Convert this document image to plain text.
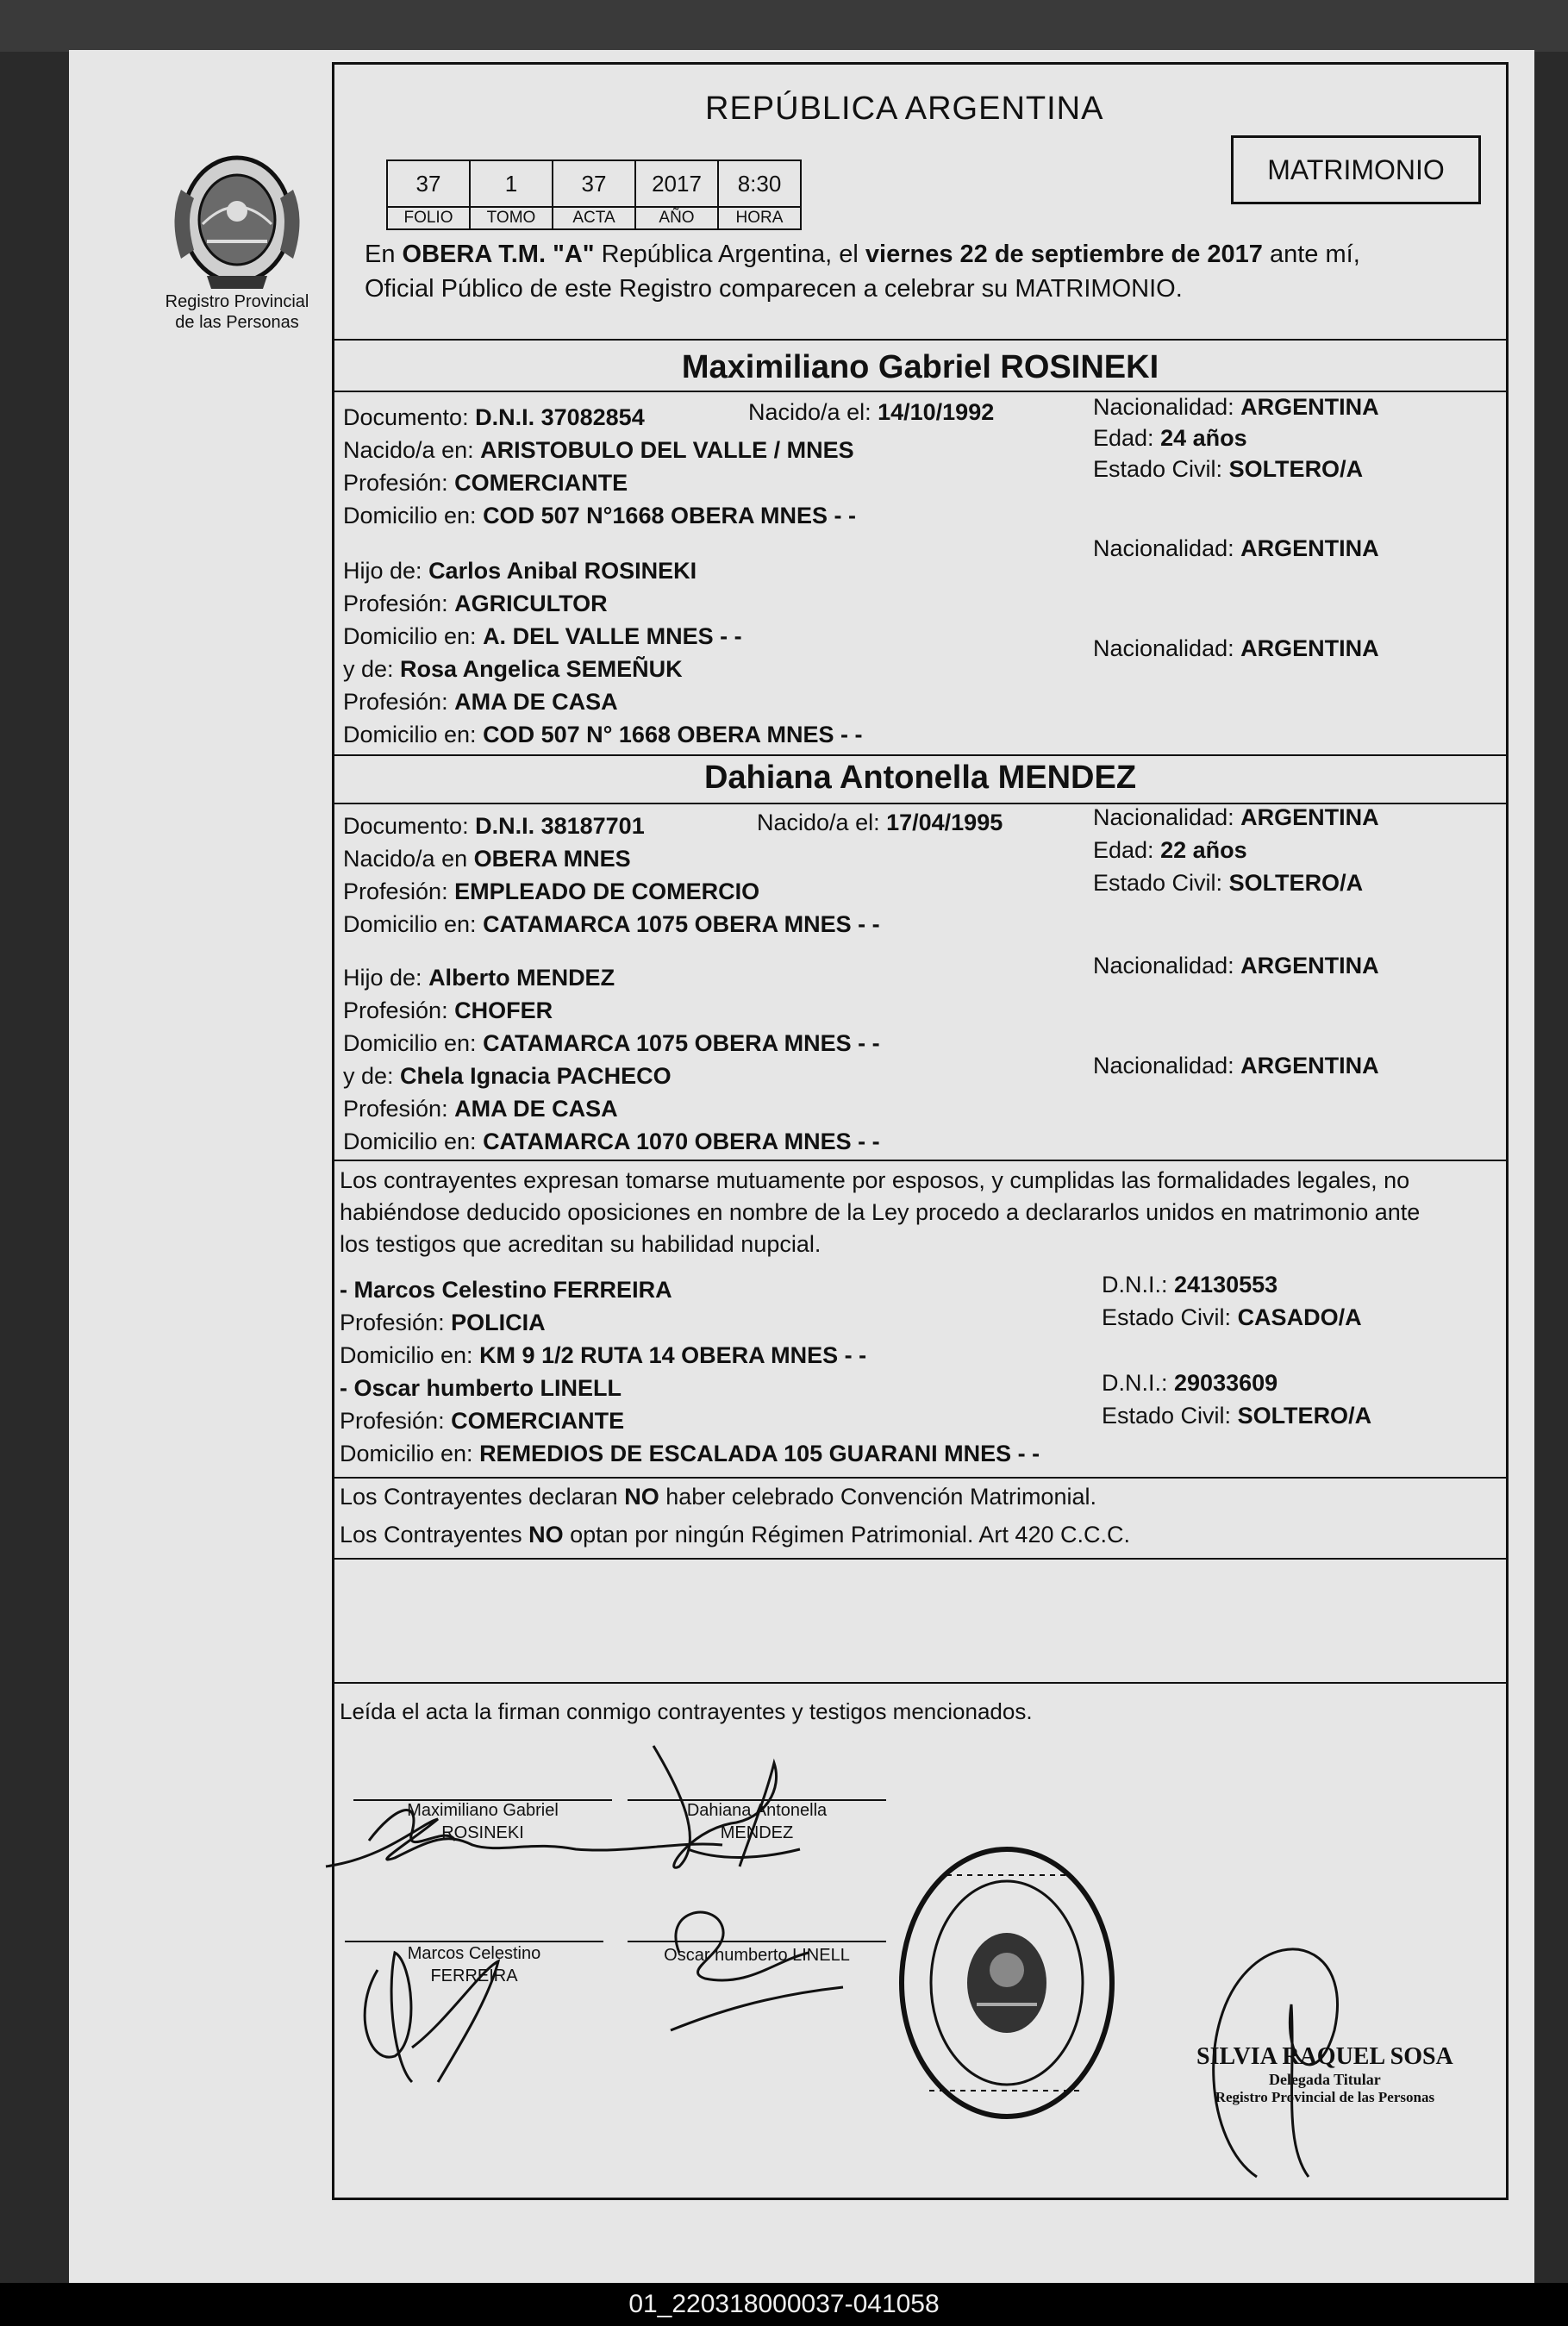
Registro Provincial
de las Personas
REPÚBLICA ARGENTINA
MATRIMONIO
37	1	37	2017	8:30
FOLIO	TOMO	ACTA	AÑO	HORA
En OBERA T.M. "A" República Argentina, el viernes 22 de septiembre de 2017 ante mí,
Oficial Público de este Registro comparecen a celebrar su MATRIMONIO.
Maximiliano Gabriel ROSINEKI
Documento: D.N.I. 37082854	Nacido/a el: 14/10/1992	Nacionalidad: ARGENTINA
Nacido/a en: ARISTOBULO DEL VALLE / MNES	Edad: 24 años
Profesión: COMERCIANTE
Estado Civil: SOLTERO/A
Domicilio en: COD 507 N°1668 OBERA MNES - -
Hijo de: Carlos Anibal ROSINEKI
Nacionalidad: ARGENTINA
Profesión: AGRICULTOR
Domicilio en: A. DEL VALLE MNES - -
y de: Rosa Angelica SEMEÑUK
Nacionalidad: ARGENTINA
Profesión: AMA DE CASA
Domicilio en: COD 507 N° 1668 OBERA MNES - -
Dahiana Antonella MENDEZ
Documento: D.N.I. 38187701	Nacido/a el: 17/04/1995	Nacionalidad: ARGENTINA
Nacido/a en OBERA MNES	Edad: 22 años
Profesión: EMPLEADO DE COMERCIO	Estado Civil: SOLTERO/A
Domicilio en: CATAMARCA 1075 OBERA MNES - -
Hijo de: Alberto MENDEZ	Nacionalidad: ARGENTINA
Profesión: CHOFER
Domicilio en: CATAMARCA 1075 OBERA MNES - -
y de: Chela Ignacia PACHECO	Nacionalidad: ARGENTINA
Profesión: AMA DE CASA
Domicilio en: CATAMARCA 1070 OBERA MNES - -
Los contrayentes expresan tomarse mutuamente por esposos, y cumplidas las formalidades legales, no
habiéndose deducido oposiciones en nombre de la Ley procedo a declararlos unidos en matrimonio ante
los testigos que acreditan su habilidad nupcial.
- Marcos Celestino FERREIRA
Profesión: POLICIA
Domicilio en: KM 9 1/2 RUTA 14 OBERA MNES - -
D.N.I.: 24130553
Estado Civil: CASADO/A
- Oscar humberto LINELL
Profesión: COMERCIANTE
Domicilio en: REMEDIOS DE ESCALADA 105 GUARANI MNES - -
D.N.I.: 29033609
Estado Civil: SOLTERO/A
Los Contrayentes declaran NO haber celebrado Convención Matrimonial.
Los Contrayentes NO optan por ningún Régimen Patrimonial. Art 420 C.C.C.
Leída el acta la firman conmigo contrayentes y testigos mencionados.
Maximiliano Gabriel
ROSINEKI
Dahiana Antonella
MENDEZ
Marcos Celestino
FERREIRA
Oscar humberto LINELL
SILVIA RAQUEL SOSA
Delegada Titular
Registro Provincial de las Personas
01_220318000037-041058
